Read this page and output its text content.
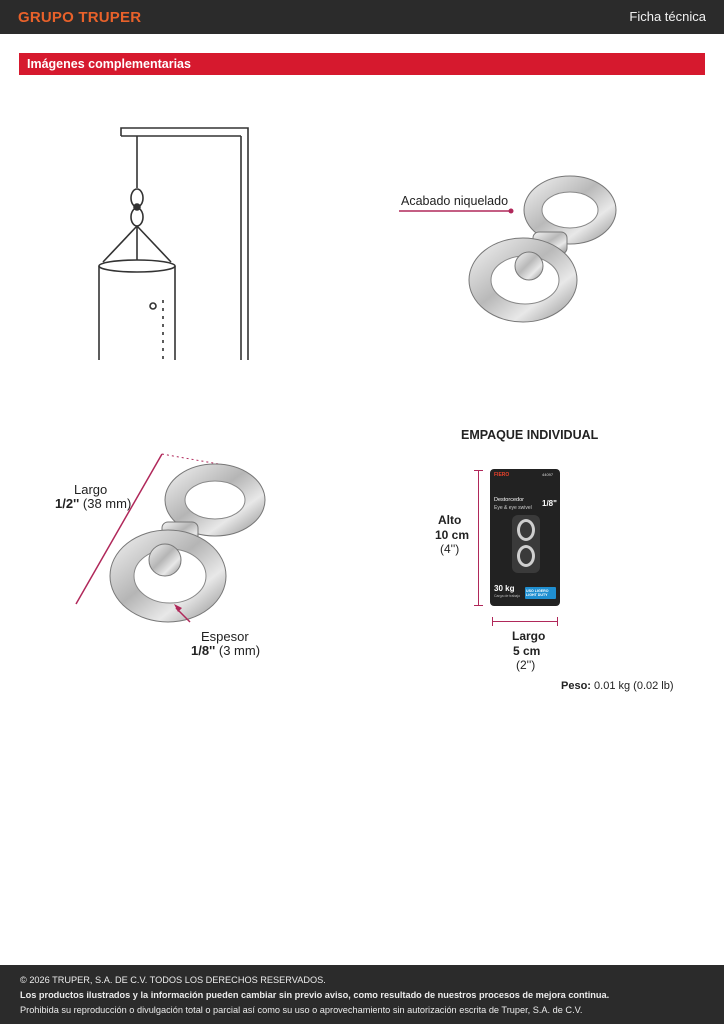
GRUPO TRUPER	Ficha técnica
Imágenes complementarias
Acabado niquelado
Largo
1/2'' (38 mm)
Espesor
1/8'' (3 mm)
EMPAQUE INDIVIDUAL
Alto
10 cm
(4'')
FIERO	44097
Destorcedor
Eye & eye swivel 1/8"
30 kg
Carga de trabajo
USO LIGERO LIGHT DUTY
Largo
5 cm
(2'')
Peso: 0.01 kg (0.02 lb)
© 2026 TRUPER, S.A. DE C.V. TODOS LOS DERECHOS RESERVADOS.
Los productos ilustrados y la información pueden cambiar sin previo aviso, como resultado de nuestros procesos de mejora continua.
Prohibida su reproducción o divulgación total o parcial así como su uso o aprovechamiento sin autorización escrita de Truper, S.A. de C.V.
